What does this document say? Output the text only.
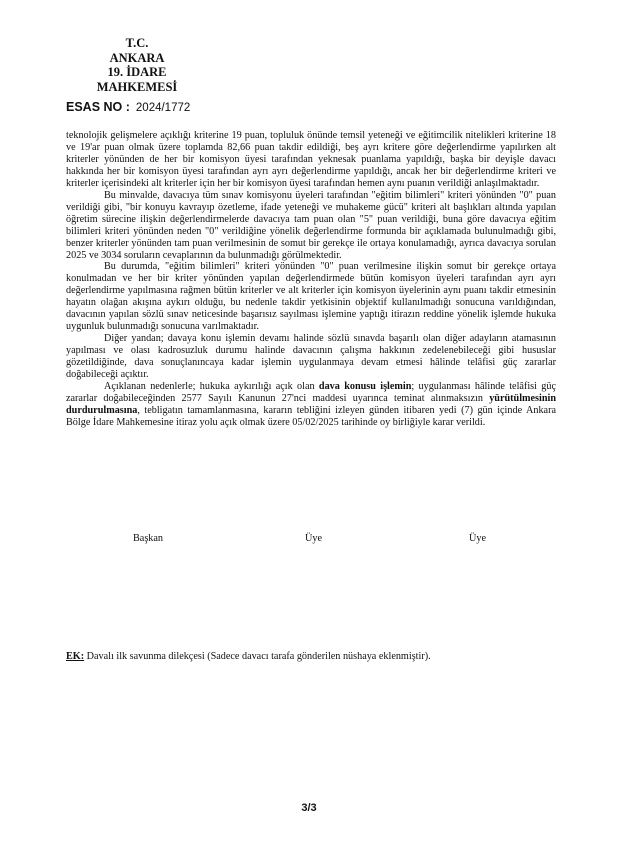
T.C.
ANKARA
19. İDARE MAHKEMESİ
ESAS NO : 2024/1772

teknolojik gelişmelere açıklığı kriterine 19 puan, topluluk önünde temsil yeteneği ve eğitimcilik nitelikleri kriterine 18 ve 19'ar puan olmak üzere toplamda 82,66 puan takdir edildiği, beş ayrı kritere göre değerlendirme yapılırken alt kriterler yönünden de her bir komisyon üyesi tarafından yeknesak puanlama yapıldığı, başka bir deyişle davacı hakkında her bir komisyon üyesi tarafından ayrı ayrı değerlendirme yapıldığı, ancak her bir değerlendirme kriteri ve kriterler içerisindeki alt kriterler için her bir komisyon üyesi tarafından hemen aynı puanın verildiği anlaşılmaktadır.

Bu minvalde, davacıya tüm sınav komisyonu üyeleri tarafından "eğitim bilimleri" kriteri yönünden "0" puan verildiği gibi, "bir konuyu kavrayıp özetleme, ifade yeteneği ve muhakeme gücü" kriteri alt başlıkları altında yapılan öğretim sürecine ilişkin değerlendirmelerde davacıya tam puan olan "5" puan verildiği, buna göre davacıya eğitim bilimleri kriteri yönünden neden "0" verildiğine yönelik değerlendirme formunda bir açıklamada bulunulmadığı gibi, benzer kriterler yönünden tam puan verilmesinin de somut bir gerekçe ile ortaya konulamadığı, ayrıca davacıya sorulan 2025 ve 3034 soruların cevaplarının da bulunmadığı görülmektedir.

Bu durumda, "eğitim bilimleri" kriteri yönünden "0" puan verilmesine ilişkin somut bir gerekçe ortaya konulmadan ve her bir kriter yönünden yapılan değerlendirmede bütün komisyon üyeleri tarafından ayrı ayrı değerlendirme yapılmasına rağmen bütün kriterler ve alt kriterler için komisyon üyelerinin aynı puanı takdir etmesinin hayatın olağan akışına aykırı olduğu, bu nedenle takdir yetkisinin objektif kullanılmadığı sonucuna varıldığından, davacının yapılan sözlü sınav neticesinde başarısız sayılması işlemine yaptığı itirazın reddine yönelik işlemde hukuka uygunluk bulunmadığı sonucuna varılmaktadır.

Diğer yandan; davaya konu işlemin devamı halinde sözlü sınavda başarılı olan diğer adayların atamasının yapılması ve olası kadrosuzluk durumu halinde davacının çalışma hakkının zedelenebileceği gibi hususlar gözetildiğinde, dava sonuçlanıncaya kadar işlemin uygulanmaya devam etmesi hâlinde telâfisi güç zararlar doğabileceği açıktır.

Açıklanan nedenlerle; hukuka aykırılığı açık olan dava konusu işlemin; uygulanması hâlinde telâfisi güç zararlar doğabileceğinden 2577 Sayılı Kanunun 27'nci maddesi uyarınca teminat alınmaksızın yürütülmesinin durdurulmasına, tebligatın tamamlanmasına, kararın tebliğini izleyen günden itibaren yedi (7) gün içinde Ankara Bölge İdare Mahkemesine itiraz yolu açık olmak üzere 05/02/2025 tarihinde oy birliğiyle karar verildi.

Başkan	Üye	Üye
EK: Davalı ilk savunma dilekçesi (Sadece davacı tarafa gönderilen nüshaya eklenmiştir).
3/3
